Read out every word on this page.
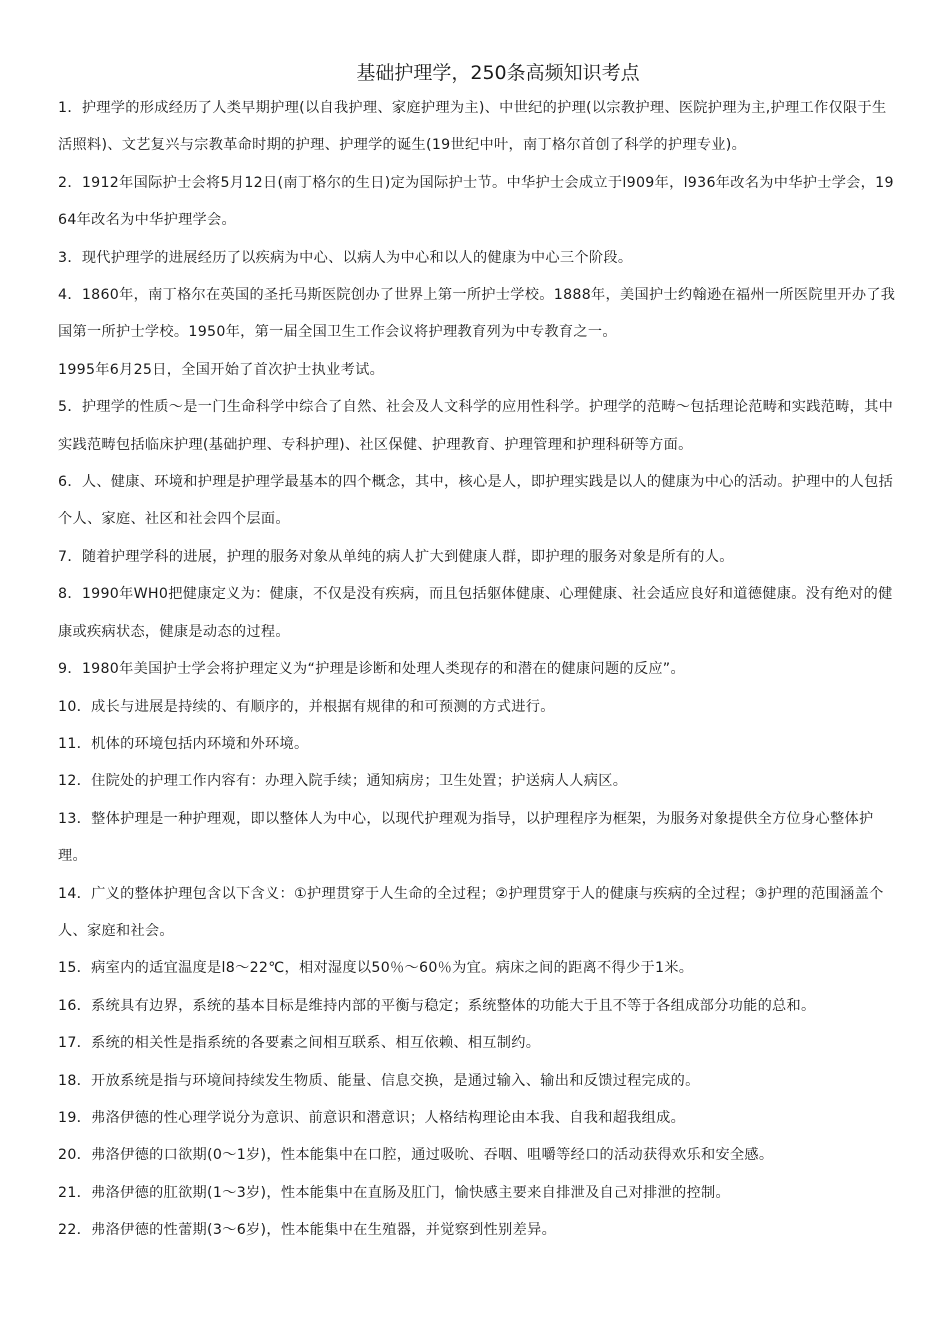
基础护理学，250条高频知识考点

1．护理学的形成经历了人类早期护理(以自我护理、家庭护理为主)、中世纪的护理(以宗教护理、医院护理为主,护理工作仅限于生活照料)、文艺复兴与宗教革命时期的护理、护理学的诞生(19世纪中叶，南丁格尔首创了科学的护理专业)。

2．1912年国际护士会将5月12日(南丁格尔的生日)定为国际护士节。中华护士会成立于l909年，l936年改名为中华护士学会，1964年改名为中华护理学会。

3．现代护理学的进展经历了以疾病为中心、以病人为中心和以人的健康为中心三个阶段。

4．1860年，南丁格尔在英国的圣托马斯医院创办了世界上第一所护士学校。1888年，美国护士约翰逊在福州一所医院里开办了我国第一所护士学校。1950年，第一届全国卫生工作会议将护理教育列为中专教育之一。

1995年6月25日，全国开始了首次护士执业考试。

5．护理学的性质～是一门生命科学中综合了自然、社会及人文科学的应用性科学。护理学的范畴～包括理论范畴和实践范畴，其中实践范畴包括临床护理(基础护理、专科护理)、社区保健、护理教育、护理管理和护理科研等方面。

6．人、健康、环境和护理是护理学最基本的四个概念，其中，核心是人，即护理实践是以人的健康为中心的活动。护理中的人包括个人、家庭、社区和社会四个层面。

7．随着护理学科的进展，护理的服务对象从单纯的病人扩大到健康人群，即护理的服务对象是所有的人。

8．1990年WH0把健康定义为：健康，不仅是没有疾病，而且包括躯体健康、心理健康、社会适应良好和道德健康。没有绝对的健康或疾病状态，健康是动态的过程。

9．1980年美国护士学会将护理定义为“护理是诊断和处理人类现存的和潜在的健康问题的反应”。

10．成长与进展是持续的、有顺序的，并根据有规律的和可预测的方式进行。

11．机体的环境包括内环境和外环境。

12．住院处的护理工作内容有：办理入院手续；通知病房；卫生处置；护送病人人病区。

13．整体护理是一种护理观，即以整体人为中心，以现代护理观为指导，以护理程序为框架，为服务对象提供全方位身心整体护理。

14．广义的整体护理包含以下含义：①护理贯穿于人生命的全过程；②护理贯穿于人的健康与疾病的全过程；③护理的范围涵盖个人、家庭和社会。

15．病室内的适宜温度是l8～22℃，相对湿度以50％～60％为宜。病床之间的距离不得少于1米。

16．系统具有边界，系统的基本目标是维持内部的平衡与稳定；系统整体的功能大于且不等于各组成部分功能的总和。

17．系统的相关性是指系统的各要素之间相互联系、相互依赖、相互制约。

18．开放系统是指与环境间持续发生物质、能量、信息交换，是通过输入、输出和反馈过程完成的。

19．弗洛伊德的性心理学说分为意识、前意识和潜意识；人格结构理论由本我、自我和超我组成。

20．弗洛伊德的口欲期(0～1岁)，性本能集中在口腔，通过吸吮、吞咽、咀嚼等经口的活动获得欢乐和安全感。

21．弗洛伊德的肛欲期(1～3岁)，性本能集中在直肠及肛门，愉快感主要来自排泄及自己对排泄的控制。

22．弗洛伊德的性蕾期(3～6岁)，性本能集中在生殖器，并觉察到性别差异。
